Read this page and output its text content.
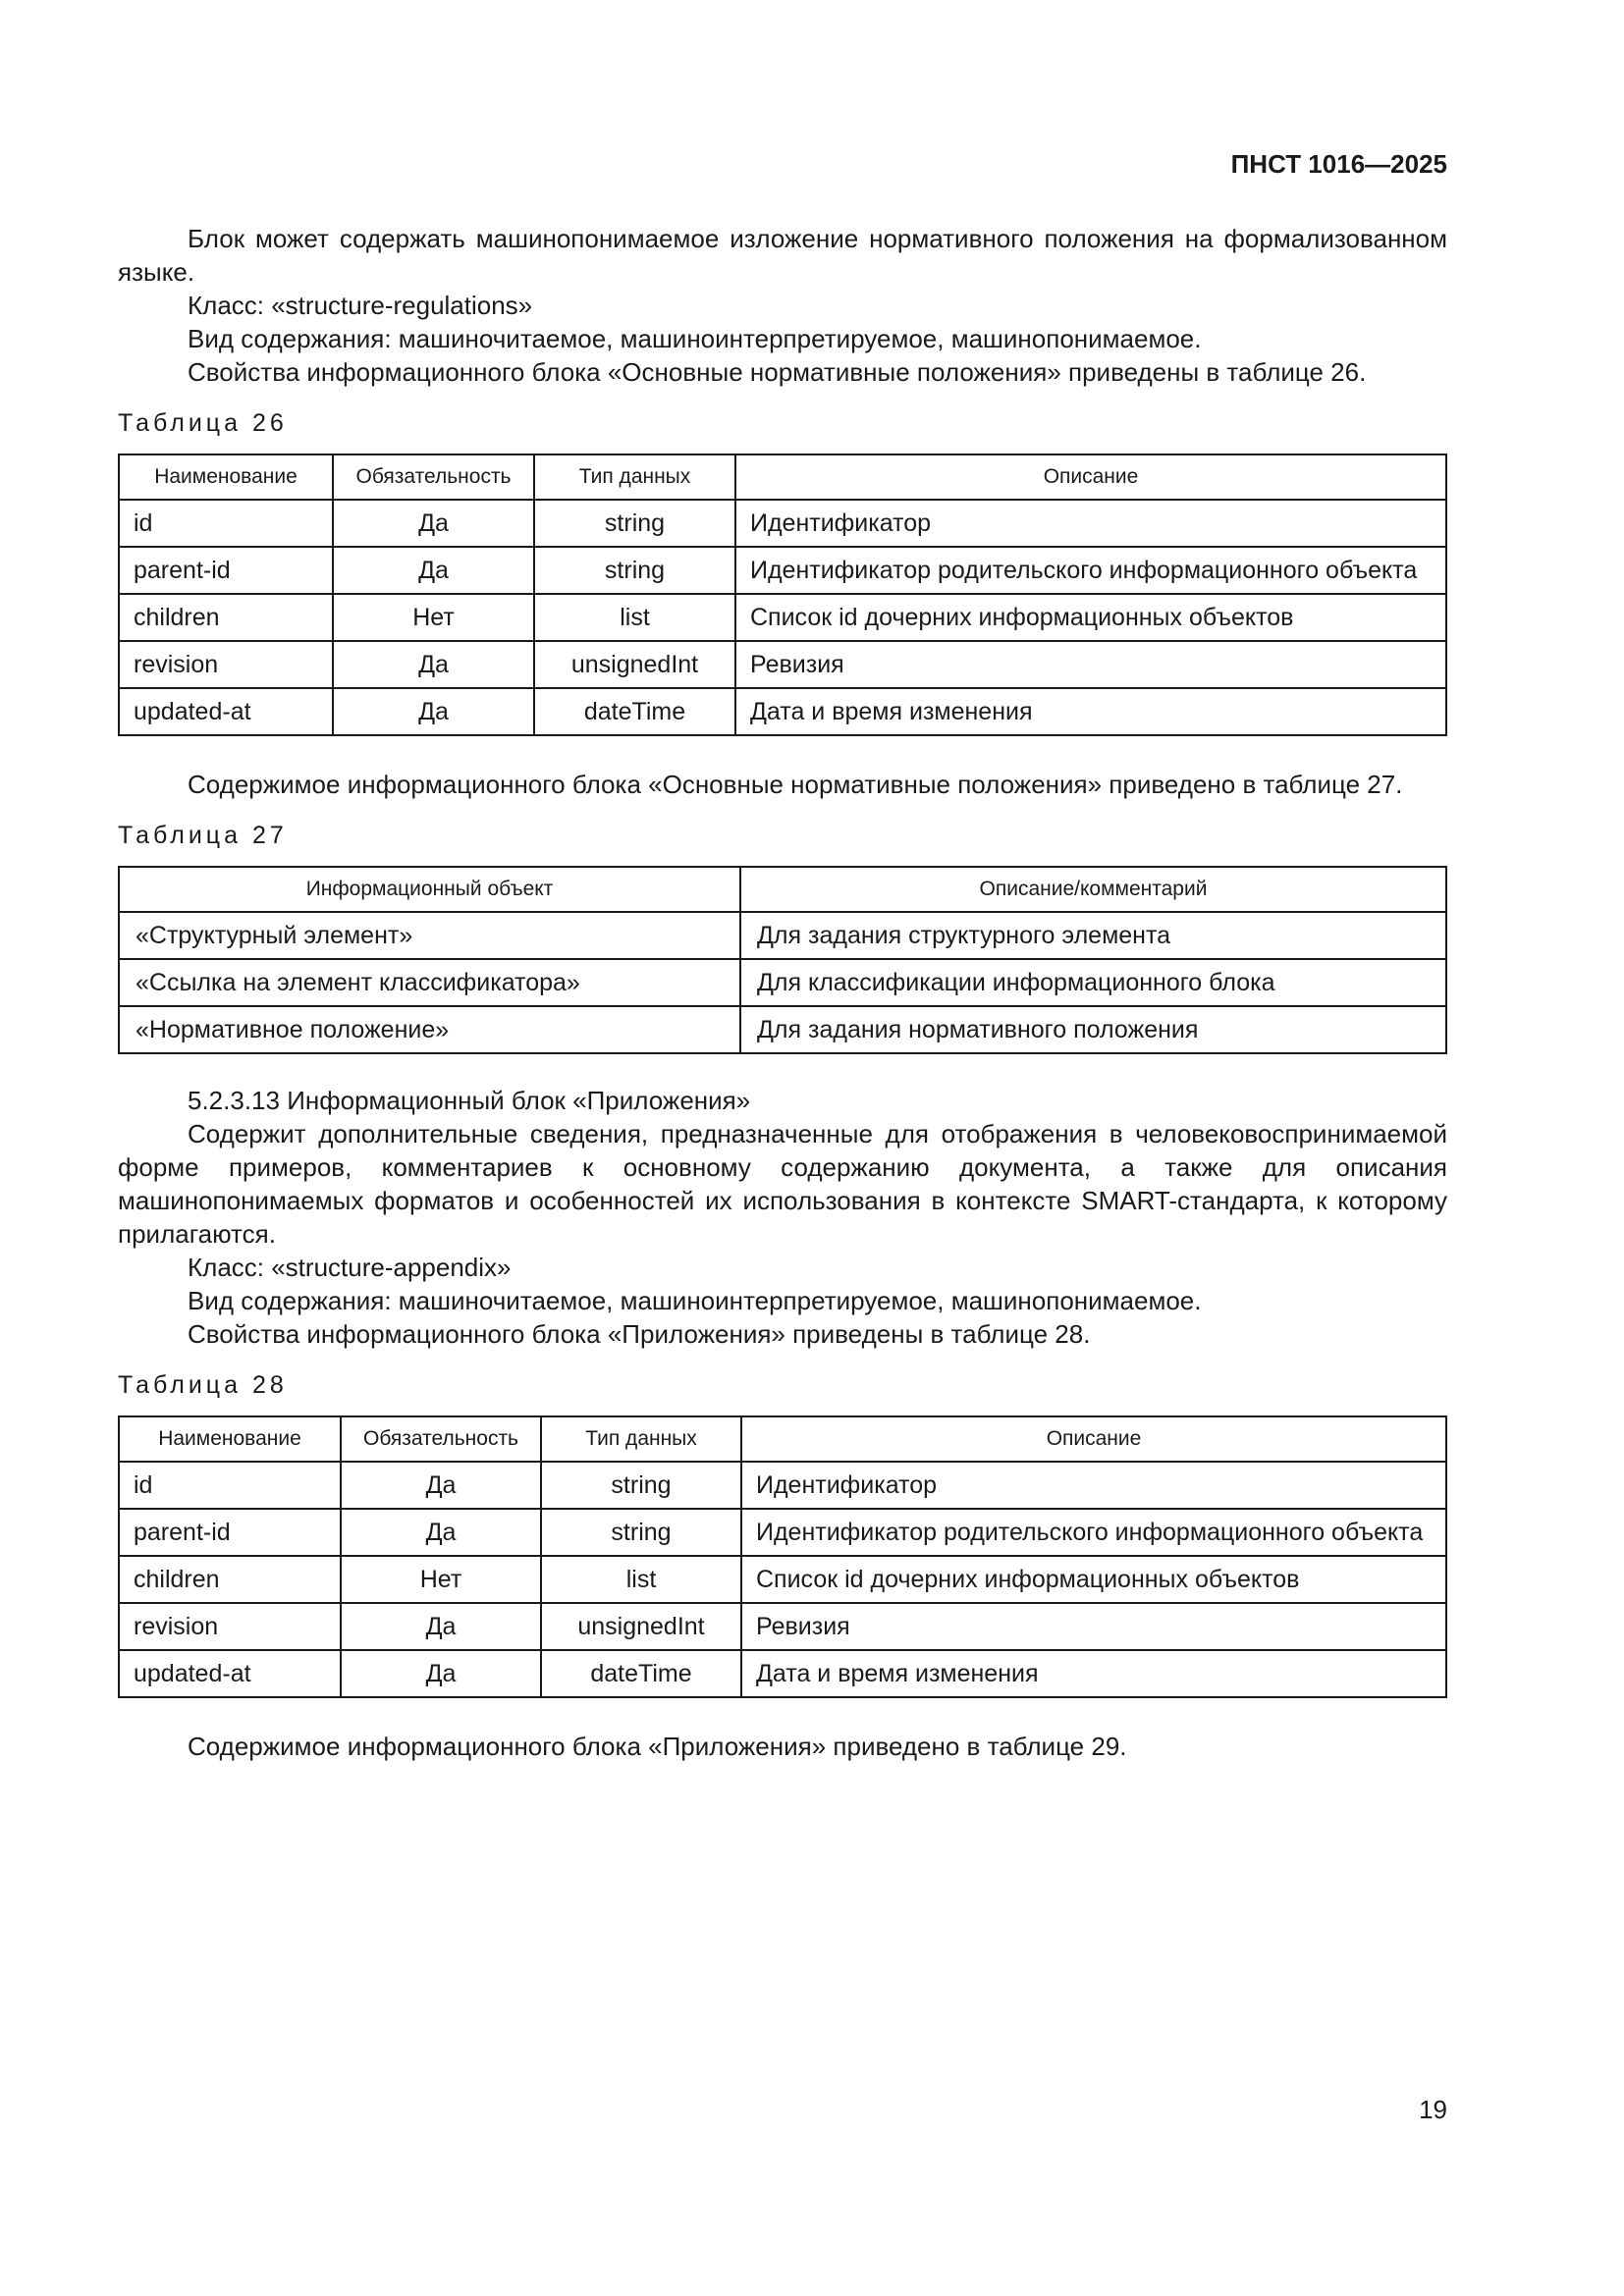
ПНСТ 1016—2025

Блок может содержать машинопонимаемое изложение нормативного положения на формализованном языке.

Класс: «structure-regulations»

Вид содержания: машиночитаемое, машиноинтерпретируемое, машинопонимаемое.

Свойства информационного блока «Основные нормативные положения» приведены в таблице 26.

Таблица 26
Наименование	Обязательность	Тип данных	Описание
id	Да	string	Идентификатор
parent-id	Да	string	Идентификатор родительского информационного объекта
children	Нет	list	Список id дочерних информационных объектов
revision	Да	unsignedInt	Ревизия
updated-at	Да	dateTime	Дата и время изменения

Содержимое информационного блока «Основные нормативные положения» приведено в таблице 27.

Таблица 27
Информационный объект	Описание/комментарий
«Структурный элемент»	Для задания структурного элемента
«Ссылка на элемент классификатора»	Для классификации информационного блока
«Нормативное положение»	Для задания нормативного положения

5.2.3.13 Информационный блок «Приложения»

Содержит дополнительные сведения, предназначенные для отображения в человековоспринимаемой форме примеров, комментариев к основному содержанию документа, а также для описания машинопонимаемых форматов и особенностей их использования в контексте SMART-стандарта, к которому прилагаются.

Класс: «structure-appendix»

Вид содержания: машиночитаемое, машиноинтерпретируемое, машинопонимаемое.

Свойства информационного блока «Приложения» приведены в таблице 28.

Таблица 28
Наименование	Обязательность	Тип данных	Описание
id	Да	string	Идентификатор
parent-id	Да	string	Идентификатор родительского информационного объекта
children	Нет	list	Список id дочерних информационных объектов
revision	Да	unsignedInt	Ревизия
updated-at	Да	dateTime	Дата и время изменения

Содержимое информационного блока «Приложения» приведено в таблице 29.

19
